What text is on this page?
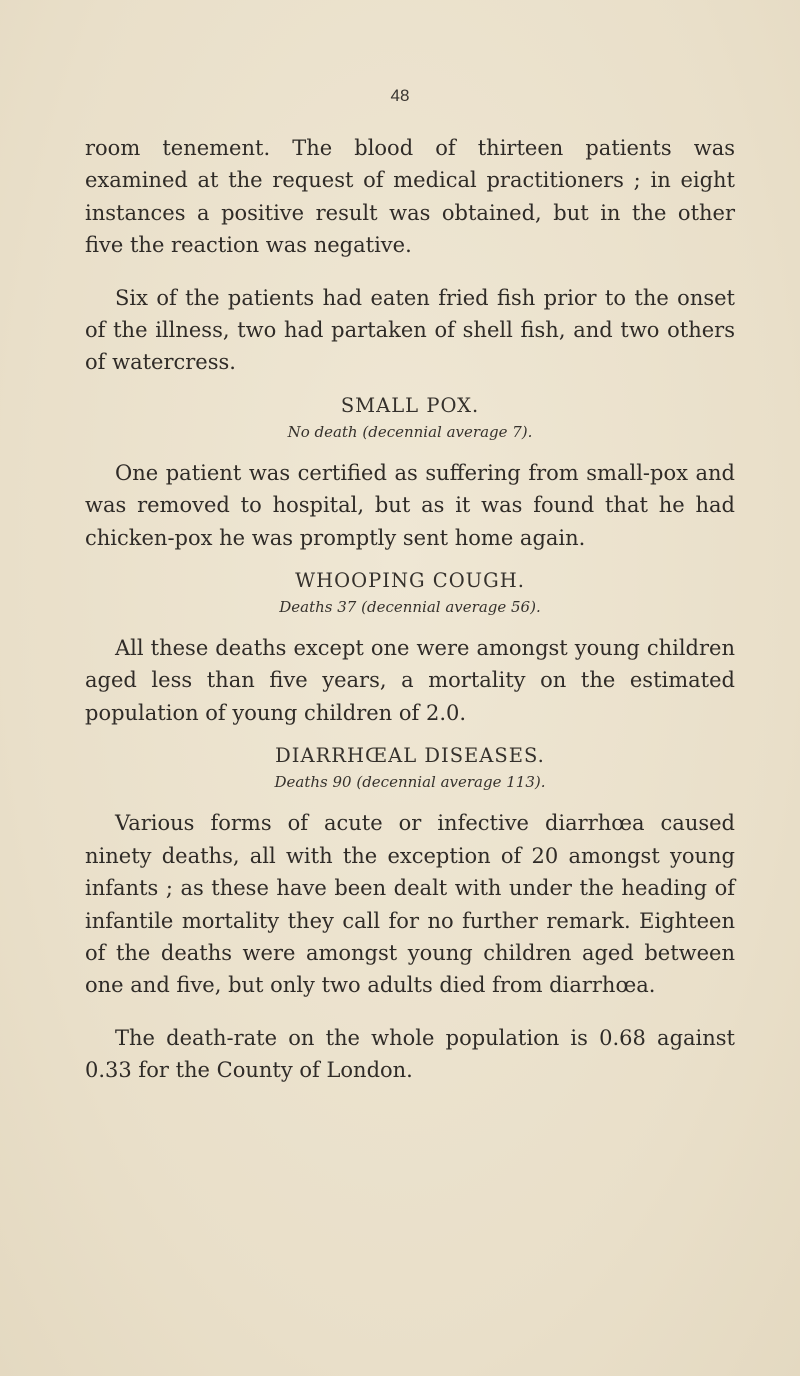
48

room tenement. The blood of thirteen patients was examined at the request of medical practitioners ; in eight instances a positive result was obtained, but in the other five the reaction was negative.

Six of the patients had eaten fried fish prior to the onset of the illness, two had partaken of shell fish, and two others of watercress.

SMALL POX.
No death (decennial average 7).

One patient was certified as suffering from small-pox and was removed to hospital, but as it was found that he had chicken-pox he was promptly sent home again.

WHOOPING COUGH.
Deaths 37 (decennial average 56).

All these deaths except one were amongst young children aged less than five years, a mortality on the estimated population of young children of 2.0.

DIARRHŒAL DISEASES.
Deaths 90 (decennial average 113).

Various forms of acute or infective diarrhœa caused ninety deaths, all with the exception of 20 amongst young infants ; as these have been dealt with under the heading of infantile mortality they call for no further remark. Eighteen of the deaths were amongst young children aged between one and five, but only two adults died from diarrhœa.

The death-rate on the whole population is 0.68 against 0.33 for the County of London.
